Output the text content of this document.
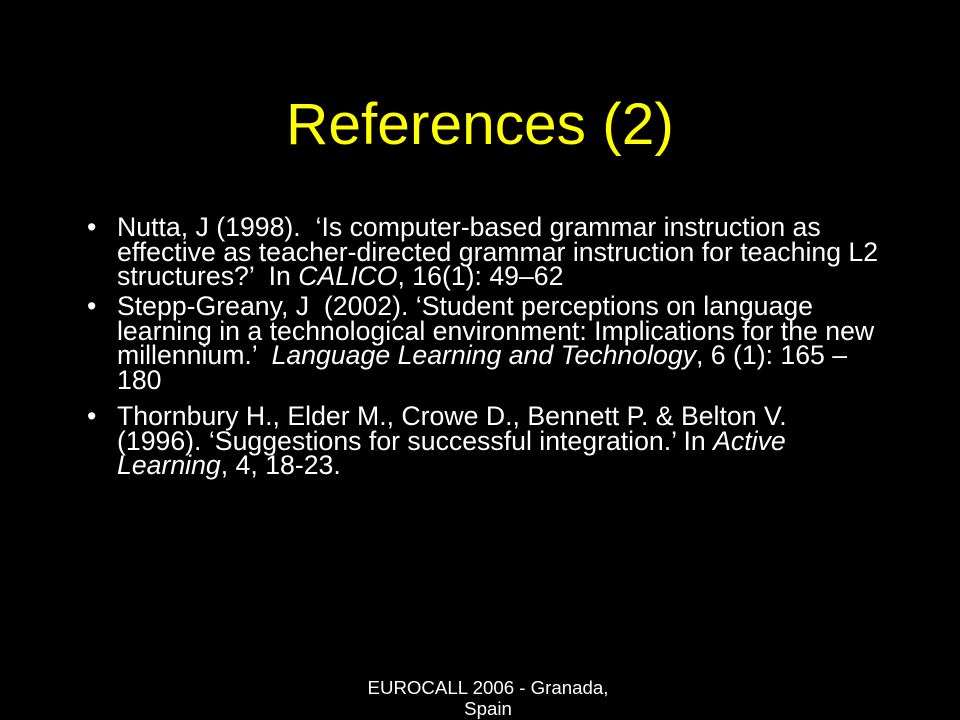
References (2)
• Nutta, J (1998).  ‘Is computer-based grammar instruction as
effective as teacher-directed grammar instruction for teaching L2
structures?’  In CALICO, 16(1): 49–62
• Stepp-Greany, J  (2002). ‘Student perceptions on language
learning in a technological environment: Implications for the new
millennium.’  Language Learning and Technology, 6 (1): 165 –
180
• Thornbury H., Elder M., Crowe D., Bennett P. & Belton V.
(1996). ‘Suggestions for successful integration.’ In Active
Learning, 4, 18-23.
EUROCALL 2006 - Granada, Spain
